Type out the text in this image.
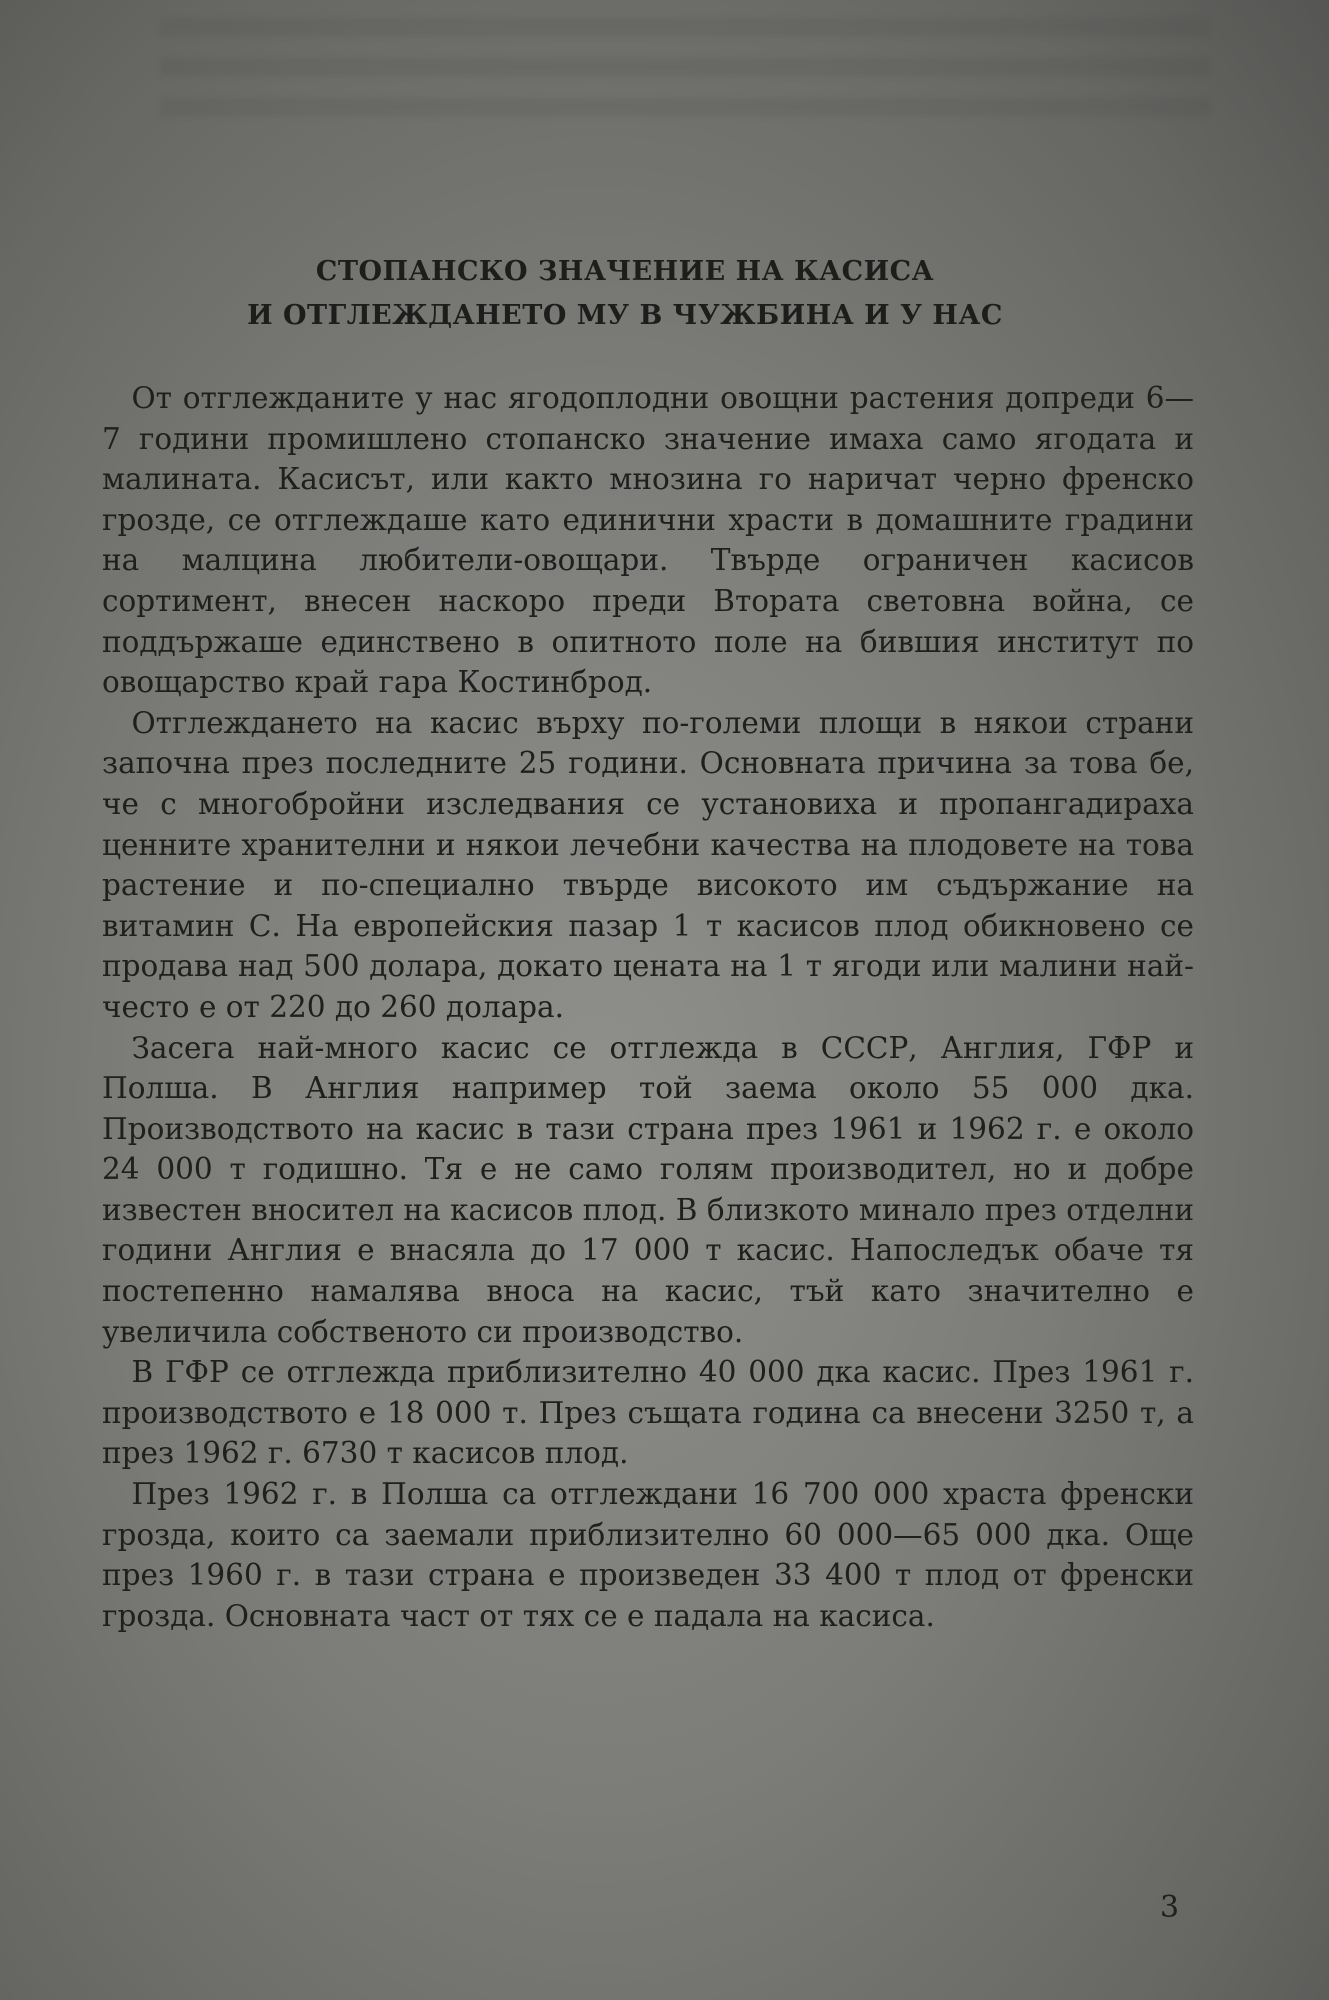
СТОПАНСКО ЗНАЧЕНИЕ НА КАСИСА
И ОТГЛЕЖДАНЕТО МУ В ЧУЖБИНА И У НАС

От отглежданите у нас ягодоплодни овощни растения допреди 6—7 години промишлено стопанско значение имаха само ягодата и малината. Касисът, или както мнозина го наричат черно френско грозде, се отглеждаше като единични храсти в домашните градини на малцина любители-овощари. Твърде ограничен касисов сортимент, внесен наскоро преди Втората световна война, се поддържаше единствено в опитното поле на бившия институт по овощарство край гара Костинброд.

Отглеждането на касис върху по-големи площи в някои страни започна през последните 25 години. Основната причина за това бе, че с многобройни изследвания се установиха и пропангадираха ценните хранителни и някои лечебни качества на плодовете на това растение и по-специално твърде високото им съдържание на витамин С. На европейския пазар 1 т касисов плод обикновено се продава над 500 долара, докато цената на 1 т ягоди или малини най-често е от 220 до 260 долара.

Засега най-много касис се отглежда в СССР, Англия, ГФР и Полша. В Англия например той заема около 55 000 дка. Производството на касис в тази страна през 1961 и 1962 г. е около 24 000 т годишно. Тя е не само голям производител, но и добре известен вносител на касисов плод. В близкото минало през отделни години Англия е внасяла до 17 000 т касис. Напоследък обаче тя постепенно намалява вноса на касис, тъй като значително е увеличила собственото си производство.

В ГФР се отглежда приблизително 40 000 дка касис. През 1961 г. производството е 18 000 т. През същата година са внесени 3250 т, а през 1962 г. 6730 т касисов плод.

През 1962 г. в Полша са отглеждани 16 700 000 храста френски грозда, които са заемали приблизително 60 000—65 000 дка. Още през 1960 г. в тази страна е произведен 33 400 т плод от френски грозда. Основната част от тях се е падала на касиса.

3
